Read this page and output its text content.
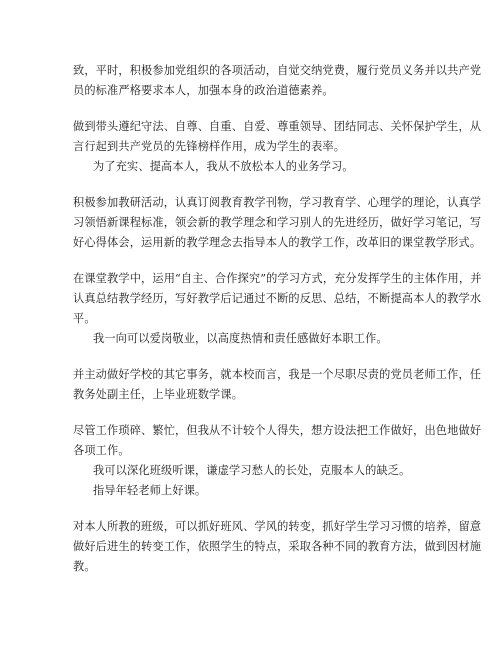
致，平时，积极参加党组织的各项活动，自觉交纳党费，履行党员义务并以共产党
员的标准严格要求本人，加强本身的政治道德素养。
做到带头遵纪守法、自尊、自重、自爱、尊重领导、团结同志、关怀保护学生，从
言行起到共产党员的先锋榜样作用，成为学生的表率。
为了充实、提高本人，我从不放松本人的业务学习。
积极参加教研活动，认真订阅教育教学刊物，学习教育学、心理学的理论，认真学
习领悟新课程标准，领会新的教学理念和学习别人的先进经历，做好学习笔记，写
好心得体会，运用新的教学理念去指导本人的教学工作，改革旧的课堂教学形式。
在课堂教学中，运用“自主、合作探究”的学习方式，充分发挥学生的主体作用，并
认真总结教学经历，写好教学后记通过不断的反思、总结，不断提高本人的教学水
平。
我一向可以爱岗敬业，以高度热情和责任感做好本职工作。
并主动做好学校的其它事务，就本校而言，我是一个尽职尽责的党员老师工作，任
教务处副主任，上毕业班数学课。
尽管工作琐碎、繁忙，但我从不计较个人得失，想方设法把工作做好，出色地做好
各项工作。
我可以深化班级听课，谦虚学习愁人的长处，克服本人的缺乏。
指导年轻老师上好课。
对本人所教的班级，可以抓好班风、学风的转变，抓好学生学习习惯的培养，留意
做好后进生的转变工作，依照学生的特点，采取各种不同的教育方法，做到因材施
教。
